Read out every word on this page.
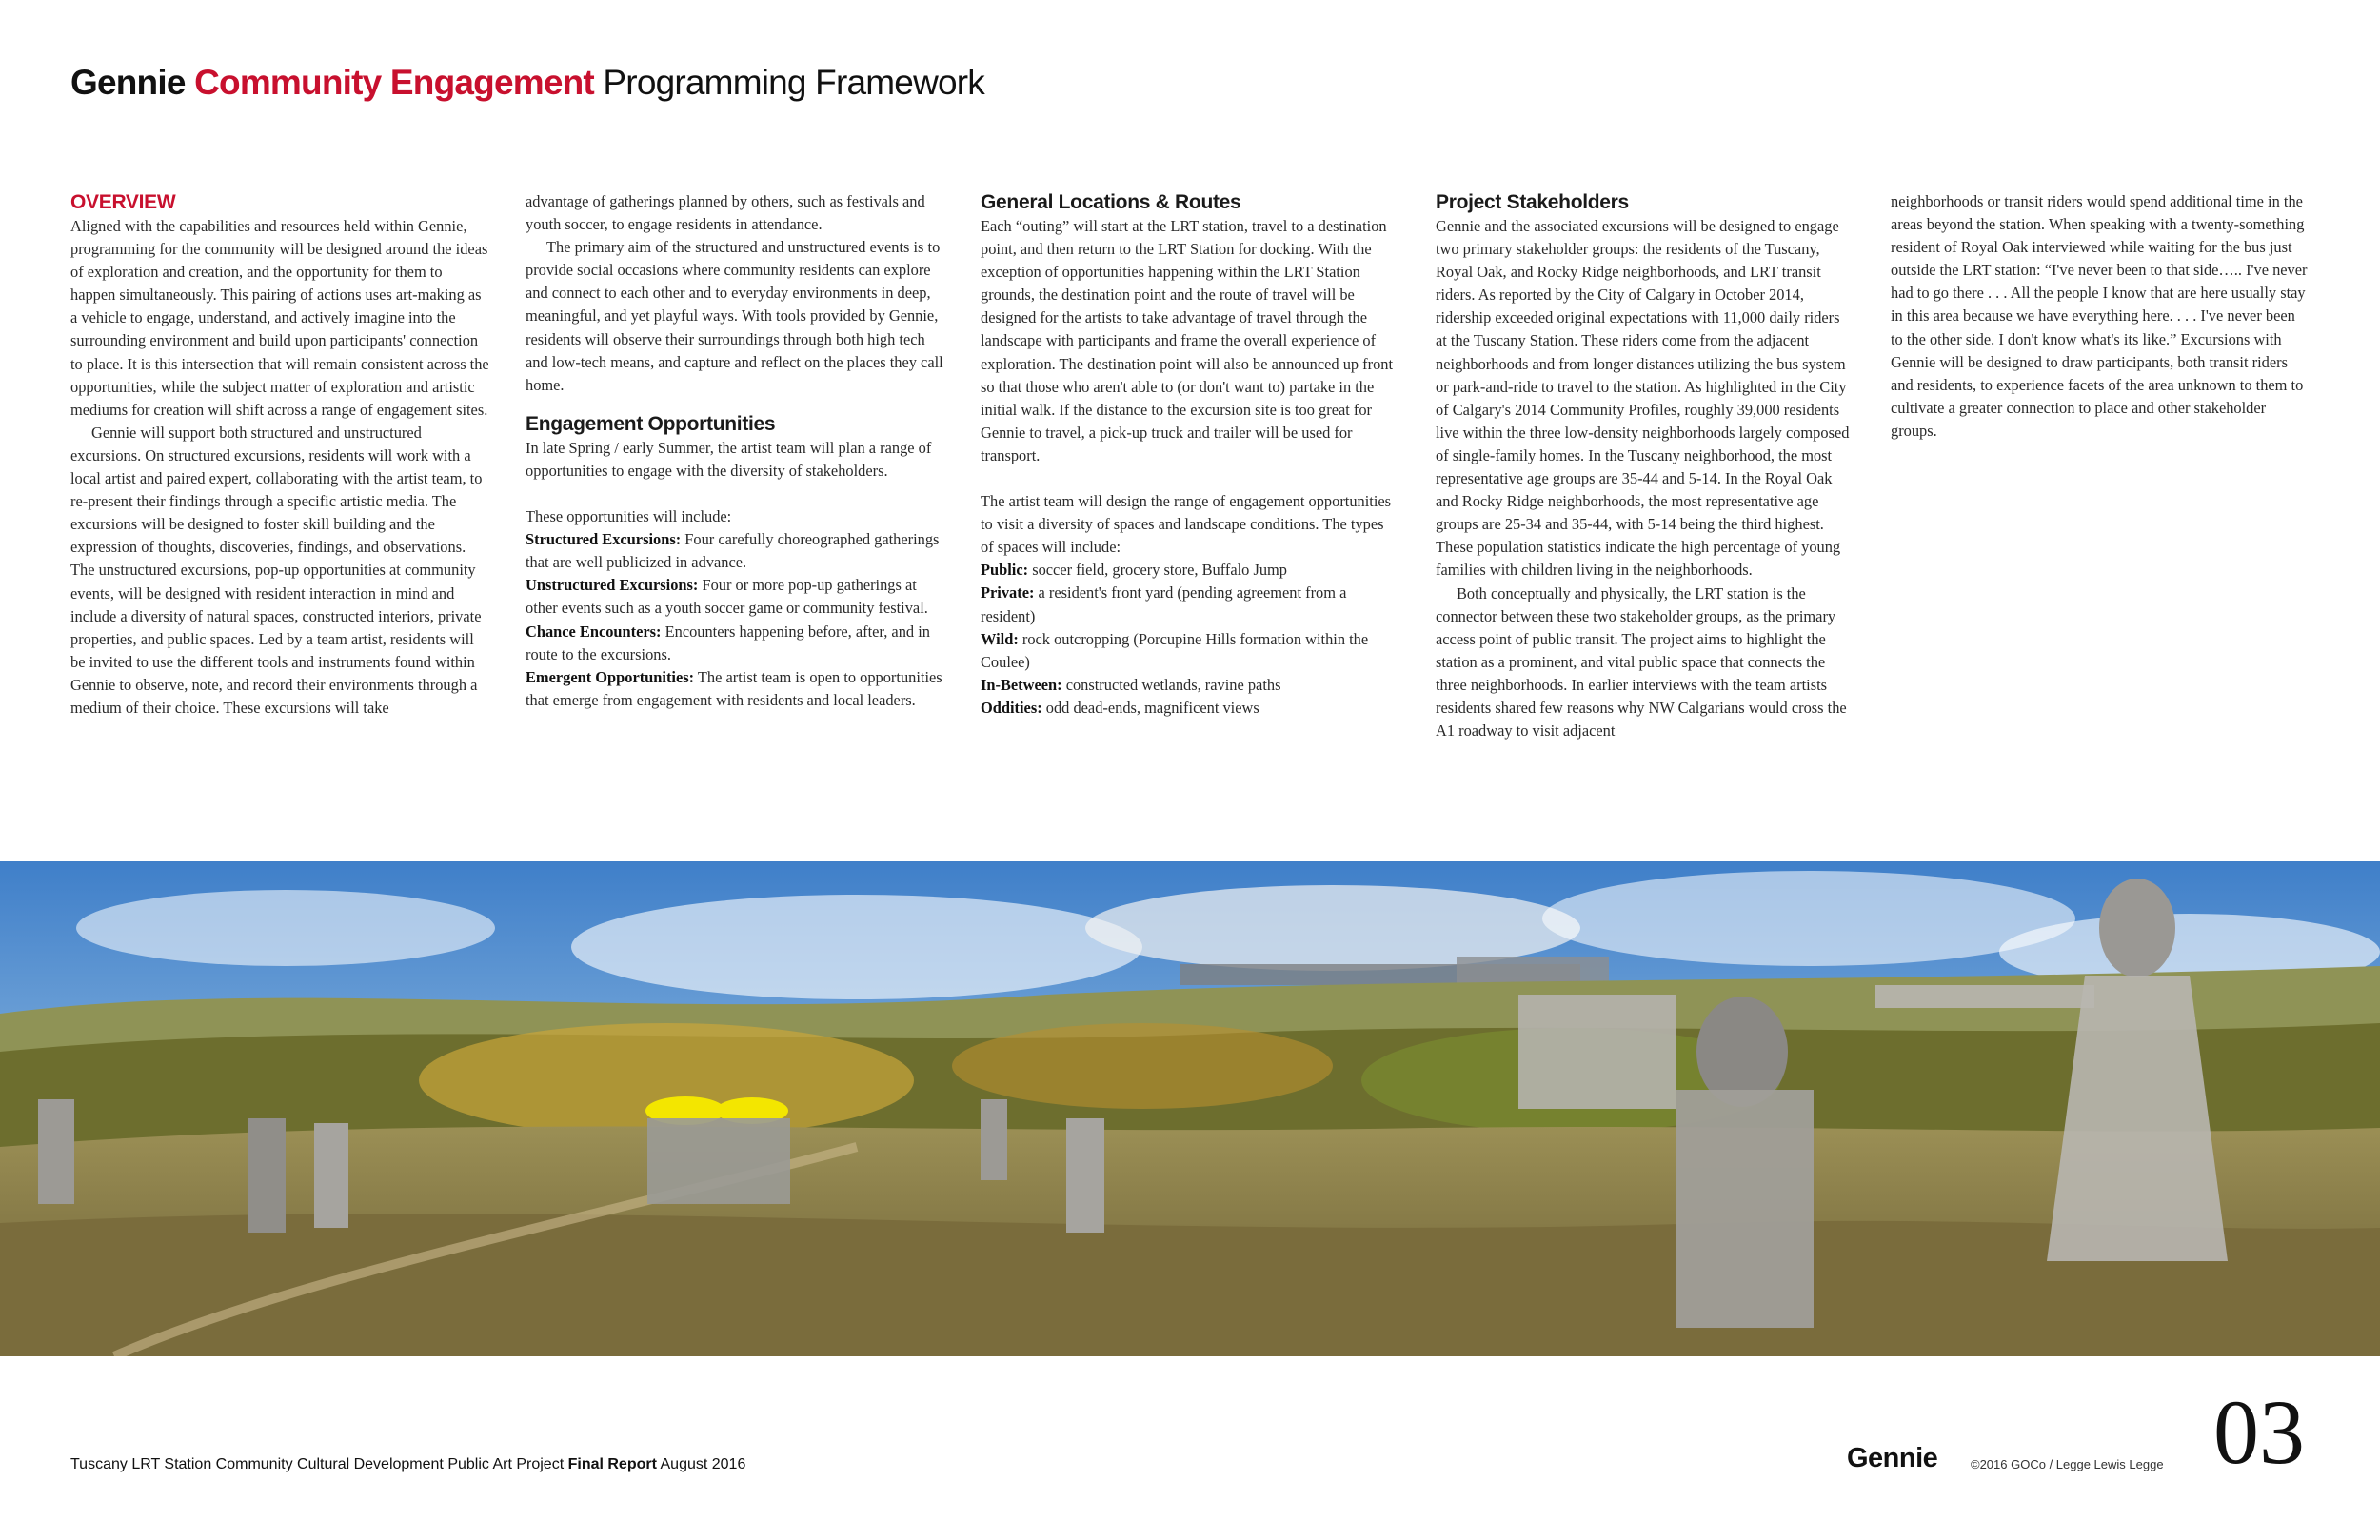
Gennie Community Engagement Programming Framework
OVERVIEW

Aligned with the capabilities and resources held within Gennie, programming for the community will be designed around the ideas of exploration and creation, and the opportunity for them to happen simultaneously. This pairing of actions uses art-making as a vehicle to engage, understand, and actively imagine into the surrounding environment and build upon participants' connection to place. It is this intersection that will remain consistent across the opportunities, while the subject matter of exploration and artistic mediums for creation will shift across a range of engagement sites.

Gennie will support both structured and unstructured excursions. On structured excursions, residents will work with a local artist and paired expert, collaborating with the artist team, to re-present their findings through a specific artistic media. The excursions will be designed to foster skill building and the expression of thoughts, discoveries, findings, and observations. The unstructured excursions, pop-up opportunities at community events, will be designed with resident interaction in mind and include a diversity of natural spaces, constructed interiors, private properties, and public spaces. Led by a team artist, residents will be invited to use the different tools and instruments found within Gennie to observe, note, and record their environments through a medium of their choice. These excursions will take

advantage of gatherings planned by others, such as festivals and youth soccer, to engage residents in attendance.

The primary aim of the structured and unstructured events is to provide social occasions where community residents can explore and connect to each other and to everyday environments in deep, meaningful, and yet playful ways. With tools provided by Gennie, residents will observe their surroundings through both high tech and low-tech means, and capture and reflect on the places they call home.

Engagement Opportunities

In late Spring / early Summer, the artist team will plan a range of opportunities to engage with the diversity of stakeholders.

These opportunities will include:

Structured Excursions: Four carefully choreographed gatherings that are well publicized in advance.

Unstructured Excursions: Four or more pop-up gatherings at other events such as a youth soccer game or community festival.

Chance Encounters: Encounters happening before, after, and in route to the excursions.

Emergent Opportunities: The artist team is open to opportunities that emerge from engagement with residents and local leaders.

General Locations & Routes

Each “outing” will start at the LRT station, travel to a destination point, and then return to the LRT Station for docking. With the exception of opportunities happening within the LRT Station grounds, the destination point and the route of travel will be designed for the artists to take advantage of travel through the landscape with participants and frame the overall experience of exploration. The destination point will also be announced up front so that those who aren't able to (or don't want to) partake in the initial walk. If the distance to the excursion site is too great for Gennie to travel, a pick-up truck and trailer will be used for transport.

The artist team will design the range of engagement opportunities to visit a diversity of spaces and landscape conditions. The types of spaces will include:

Public: soccer field, grocery store, Buffalo Jump

Private: a resident's front yard (pending agreement from a resident)

Wild: rock outcropping (Porcupine Hills formation within the Coulee)

In-Between: constructed wetlands, ravine paths

Oddities: odd dead-ends, magnificent views

Project Stakeholders

Gennie and the associated excursions will be designed to engage two primary stakeholder groups: the residents of the Tuscany, Royal Oak, and Rocky Ridge neighborhoods, and LRT transit riders. As reported by the City of Calgary in October 2014, ridership exceeded original expectations with 11,000 daily riders at the Tuscany Station. These riders come from the adjacent neighborhoods and from longer distances utilizing the bus system or park-and-ride to travel to the station. As highlighted in the City of Calgary's 2014 Community Profiles, roughly 39,000 residents live within the three low-density neighborhoods largely composed of single-family homes. In the Tuscany neighborhood, the most representative age groups are 35-44 and 5-14. In the Royal Oak and Rocky Ridge neighborhoods, the most representative age groups are 25-34 and 35-44, with 5-14 being the third highest. These population statistics indicate the high percentage of young families with children living in the neighborhoods.

Both conceptually and physically, the LRT station is the connector between these two stakeholder groups, as the primary access point of public transit. The project aims to highlight the station as a prominent, and vital public space that connects the three neighborhoods. In earlier interviews with the team artists residents shared few reasons why NW Calgarians would cross the A1 roadway to visit adjacent

neighborhoods or transit riders would spend additional time in the areas beyond the station. When speaking with a twenty-something resident of Royal Oak interviewed while waiting for the bus just outside the LRT station: “I've never been to that side….. I've never had to go there . . . All the people I know that are here usually stay in this area because we have everything here. . . . I've never been to the other side. I don't know what's its like.” Excursions with Gennie will be designed to draw participants, both transit riders and residents, to experience facets of the area unknown to them to cultivate a greater connection to place and other stakeholder groups.

Tuscany LRT Station Community Cultural Development Public Art Project Final Report August 2016	Gennie	©2016 GOCo / Legge Lewis Legge 03
